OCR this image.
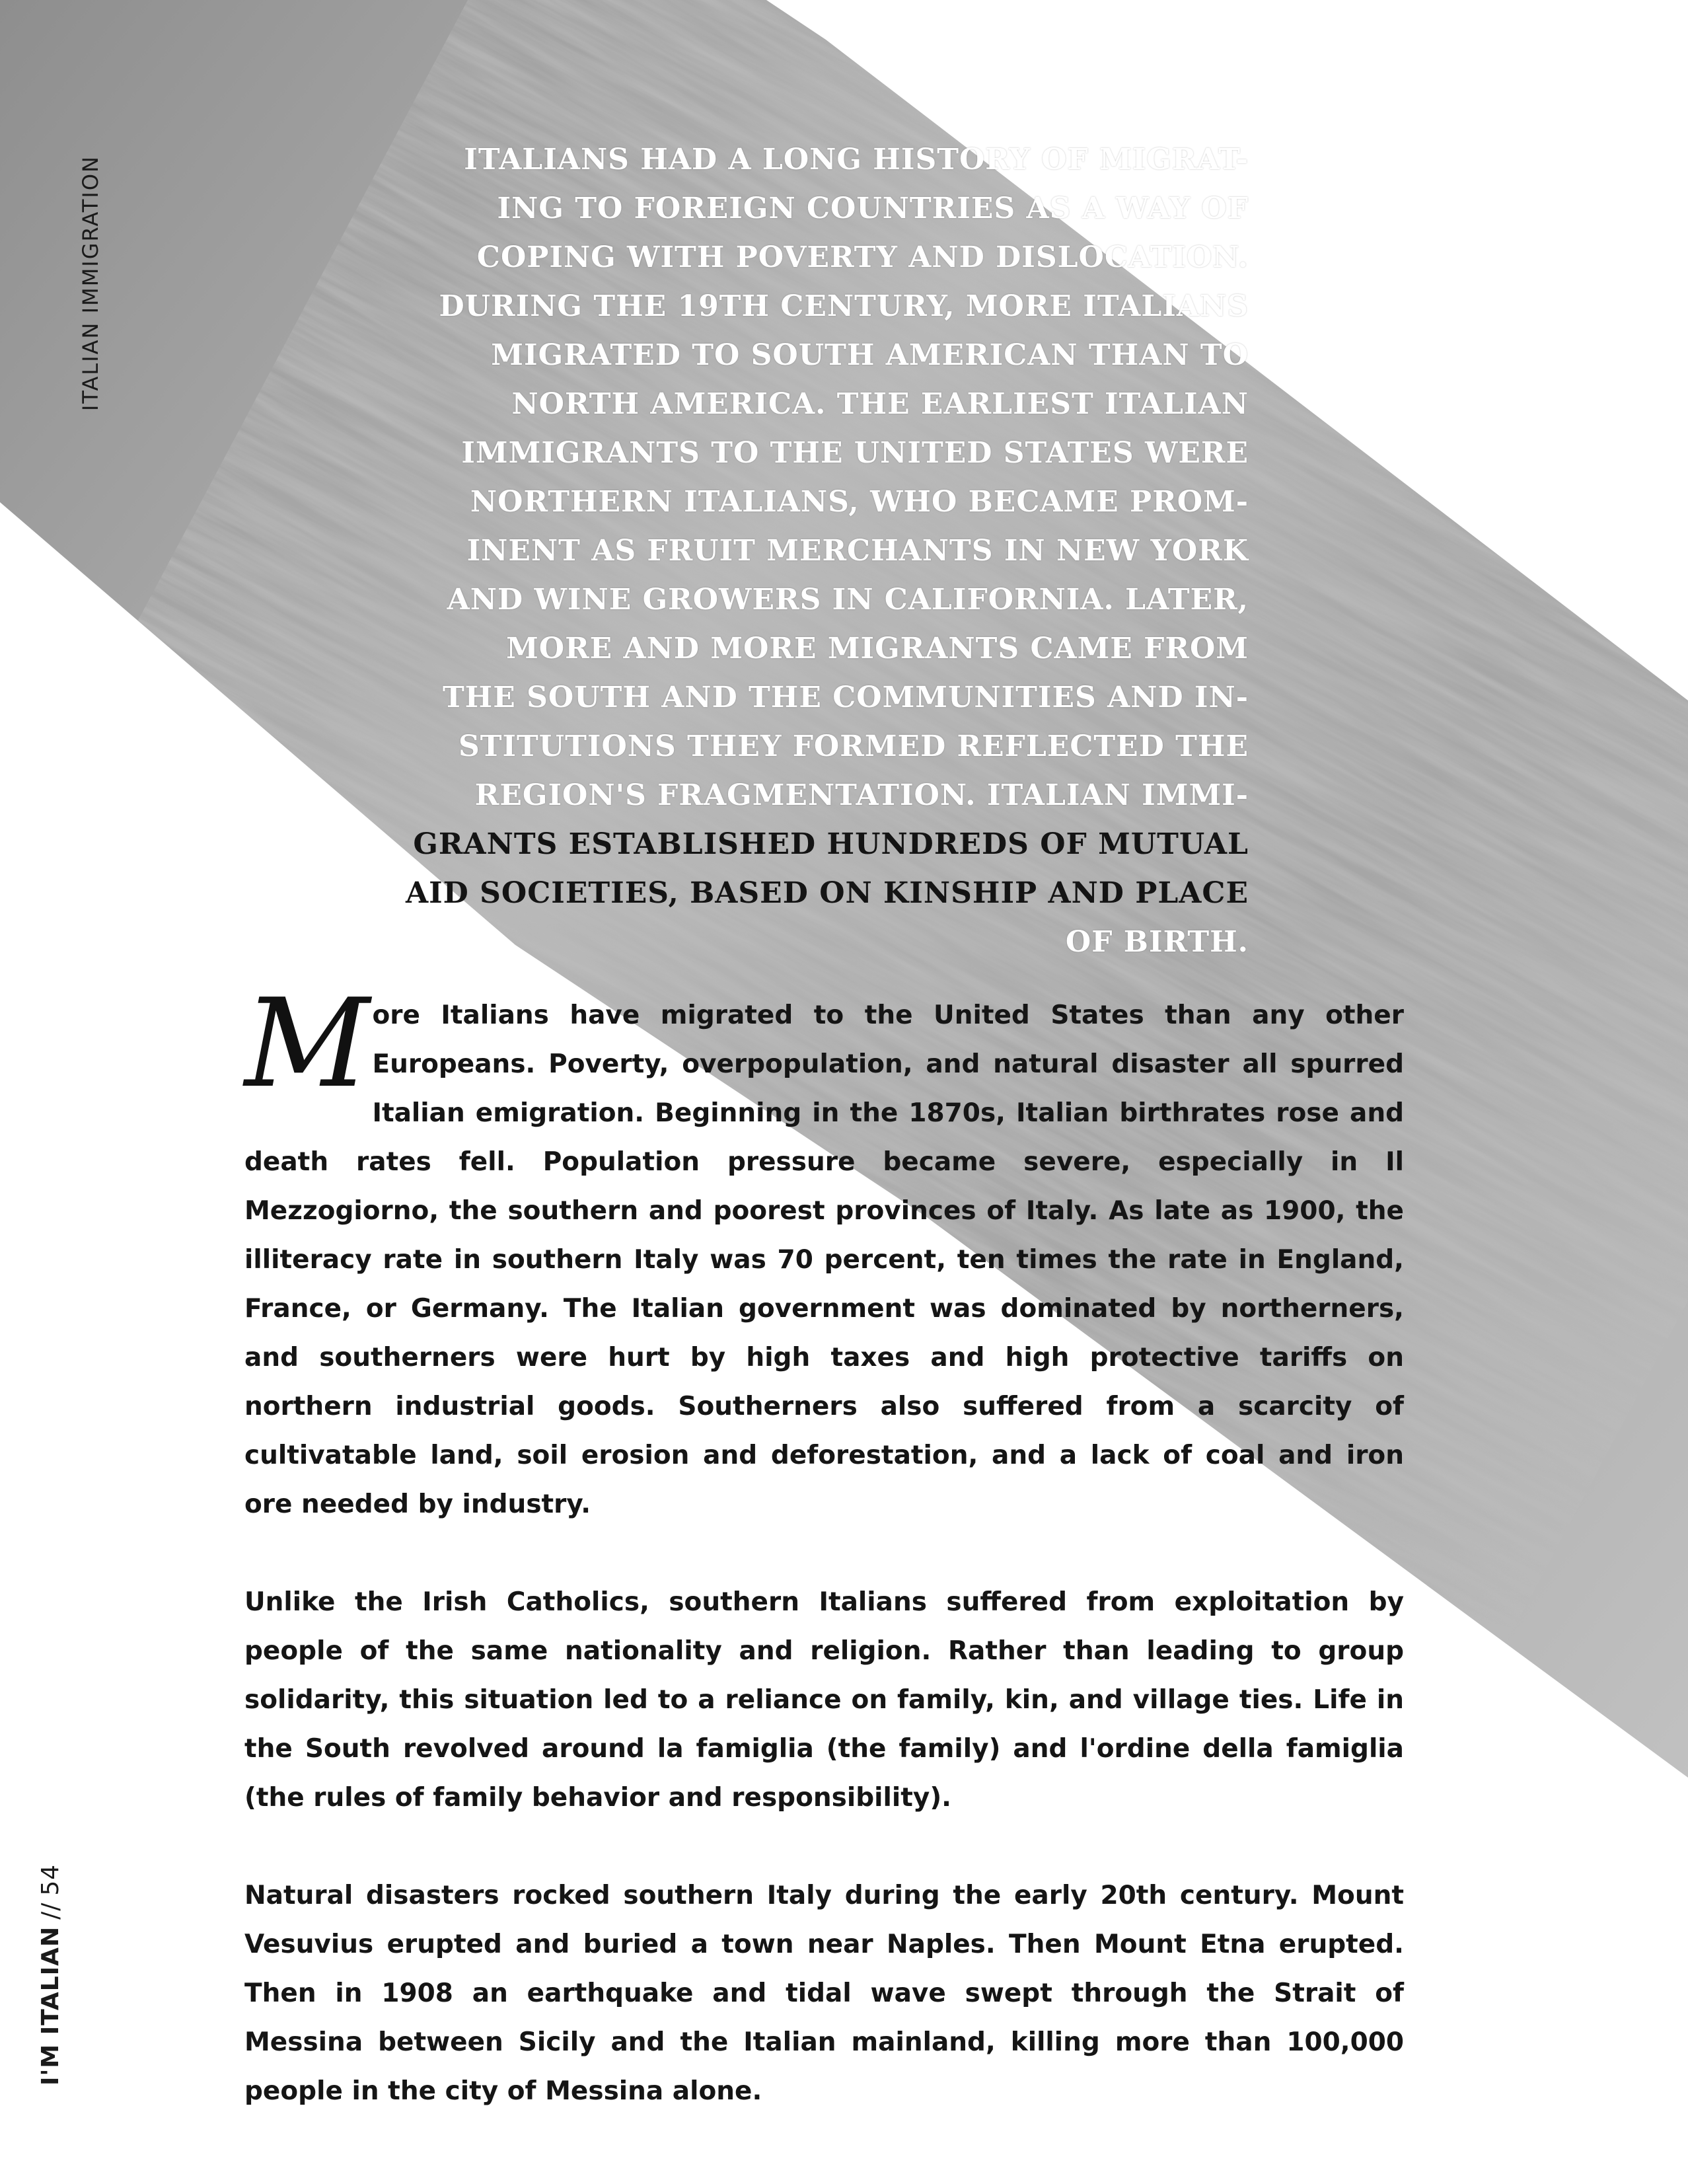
ITALIAN IMMIGRATION
I'M ITALIAN//54
ITALIANS HAD A LONG HISTORY OF MIGRAT-
ING TO FOREIGN COUNTRIES AS A WAY OF
COPING WITH POVERTY AND DISLOCATION.
DURING THE 19TH CENTURY, MORE ITALIANS
MIGRATED TO SOUTH AMERICAN THAN TO
NORTH AMERICA. THE EARLIEST ITALIAN
IMMIGRANTS TO THE UNITED STATES WERE
NORTHERN ITALIANS, WHO BECAME PROM-
INENT AS FRUIT MERCHANTS IN NEW YORK
AND WINE GROWERS IN CALIFORNIA. LATER,
MORE AND MORE MIGRANTS CAME FROM
THE SOUTH AND THE COMMUNITIES AND IN-
STITUTIONS THEY FORMED REFLECTED THE
REGION'S FRAGMENTATION. ITALIAN IMMI-
GRANTS ESTABLISHED HUNDREDS OF MUTUAL
AID SOCIETIES, BASED ON KINSHIP AND PLACE
OF BIRTH.

More Italians have migrated to the United States than any other Europeans. Poverty, overpopulation, and natural disaster all spurred Italian emigration. Beginning in the 1870s, Italian birthrates rose and death rates fell. Population pressure became severe, especially in Il Mezzogiorno, the southern and poorest provinces of Italy. As late as 1900, the illiteracy rate in southern Italy was 70 percent, ten times the rate in England, France, or Germany. The Italian government was dominated by northerners, and southerners were hurt by high taxes and high protective tariffs on northern industrial goods. Southerners also suffered from a scarcity of cultivatable land, soil erosion and deforestation, and a lack of coal and iron ore needed by industry.

Unlike the Irish Catholics, southern Italians suffered from exploitation by people of the same nationality and religion. Rather than leading to group solidarity, this situation led to a reliance on family, kin, and village ties. Life in the South revolved around la famiglia (the family) and l'ordine della famiglia (the rules of family behavior and responsibility).

Natural disasters rocked southern Italy during the early 20th century. Mount Vesuvius erupted and buried a town near Naples. Then Mount Etna erupted. Then in 1908 an earthquake and tidal wave swept through the Strait of Messina between Sicily and the Italian mainland, killing more than 100,000 people in the city of Messina alone.
